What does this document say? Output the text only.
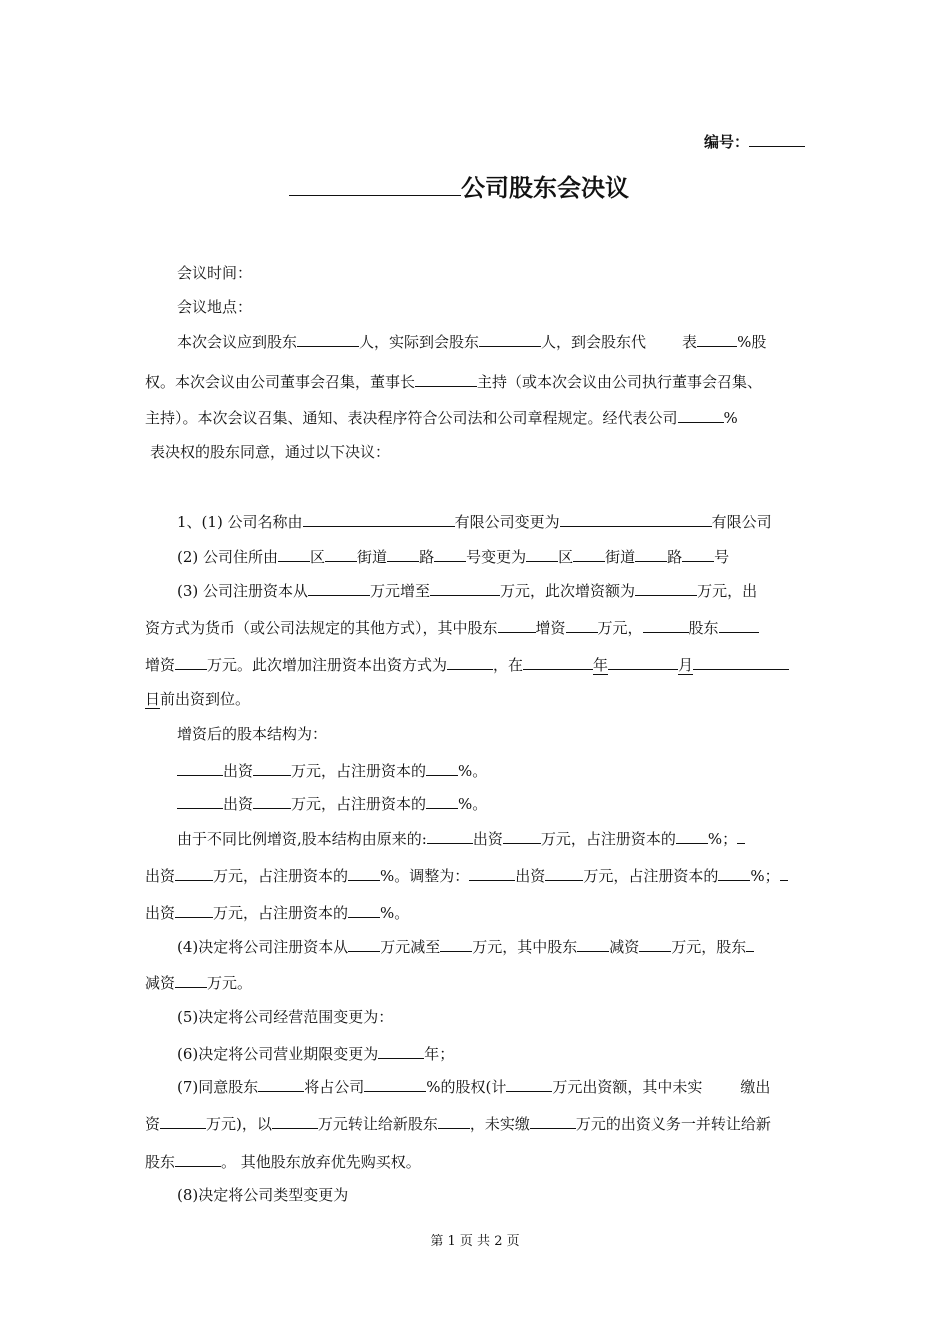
编号：
公司股东会决议
会议时间：
会议地点：
本次会议应到股东	人，实际到会股东	人，到会股东代 表	%股
权。本次会议由公司董事会召集，董事长	主持（或本次会议由公司执行董事会召集、
主持）。本次会议召集、通知、表决程序符合公司法和公司章程规定。经代表公司	%
表决权的股东同意，通过以下决议：
1、(1) 公司名称由	有限公司变更为	有限公司
(2) 公司住所由 区 街道 路 号变更为 区 街道 路 号
(3) 公司注册资本从	万元增至	万元，此次增资额为	万元，出
资方式为货币（或公司法规定的其他方式），其中股东	增资 万元，	股东
增资 万元。此次增加注册资本出资方式为	，在	年	月
日前出资到位。
增资后的股本结构为：
出资	万元，占注册资本的 %。
出资	万元，占注册资本的 %。
由于不同比例增资,股本结构由原来的:	出资	万元，占注册资本的 %；
出资	万元，占注册资本的 %。调整为：	出资	万元，占注册资本的 %；
出资	万元，占注册资本的 %。
(4)决定将公司注册资本从 万元减至 万元，其中股东 减资 万元，股东
减资 万元。
(5)决定将公司经营范围变更为：
(6)决定将公司营业期限变更为	年；
(7)同意股东	将占公司	%的股权(计	万元出资额，其中未实	缴出
资	万元)，以	万元转让给新股东 ，未实缴	万元的出资义务一并转让给新
股东	。 其他股东放弃优先购买权。
(8)决定将公司类型变更为
第 1 页 共 2 页
